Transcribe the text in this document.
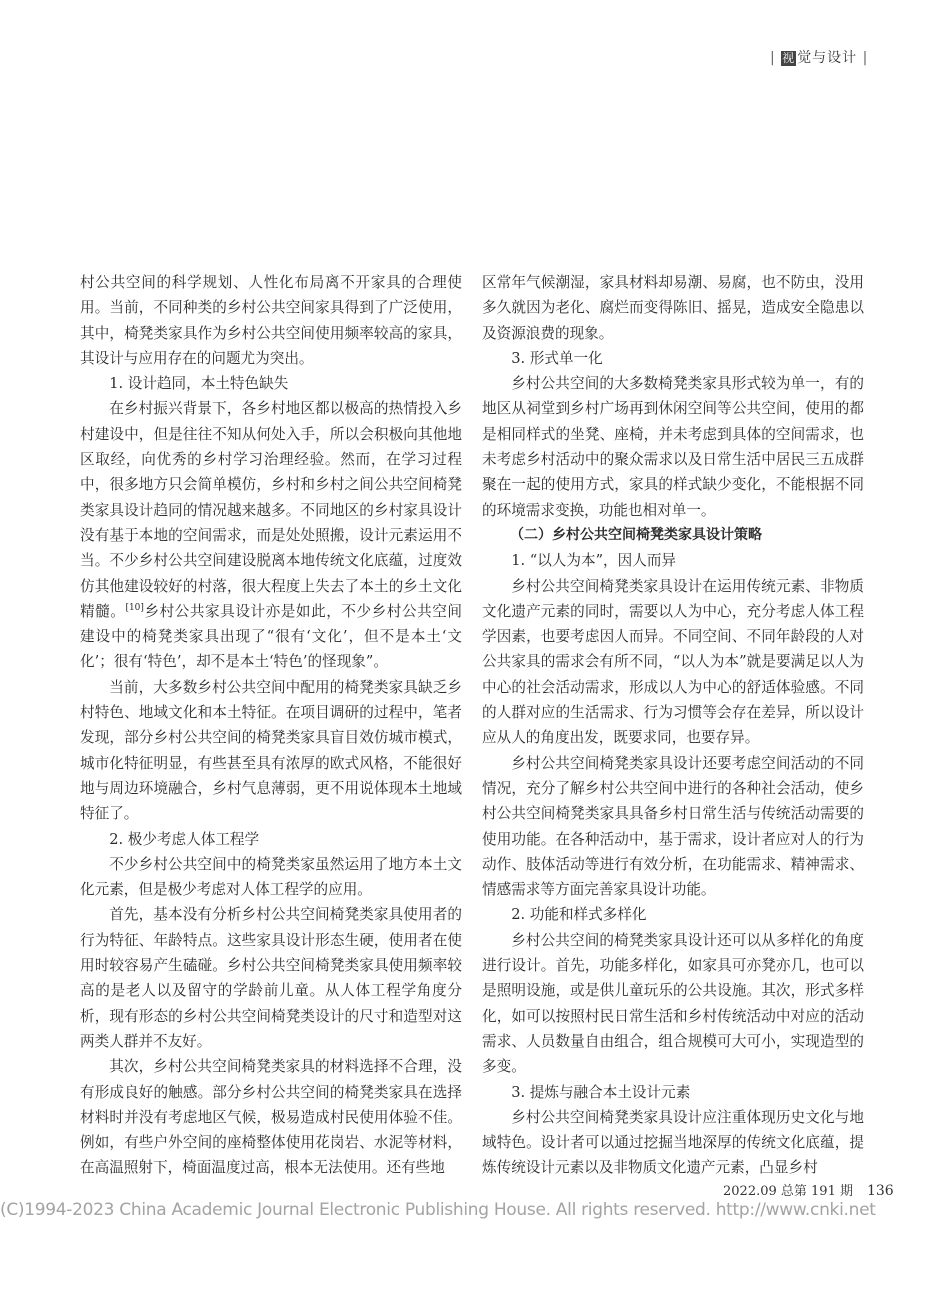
| 视 觉与设计 |

村公共空间的科学规划、人性化布局离不开家具的合理使用。当前，不同种类的乡村公共空间家具得到了广泛使用，其中，椅凳类家具作为乡村公共空间使用频率较高的家具，其设计与应用存在的问题尤为突出。

1. 设计趋同，本土特色缺失

在乡村振兴背景下，各乡村地区都以极高的热情投入乡村建设中，但是往往不知从何处入手，所以会积极向其他地区取经，向优秀的乡村学习治理经验。然而，在学习过程中，很多地方只会简单模仿，乡村和乡村之间公共空间椅凳类家具设计趋同的情况越来越多。不同地区的乡村家具设计没有基于本地的空间需求，而是处处照搬，设计元素运用不当。不少乡村公共空间建设脱离本地传统文化底蕴，过度效仿其他建设较好的村落，很大程度上失去了本土的乡土文化精髓。[10]乡村公共家具设计亦是如此，不少乡村公共空间建设中的椅凳类家具出现了“很有‘文化’，但不是本土‘文化’；很有‘特色’，却不是本土‘特色’的怪现象”。

当前，大多数乡村公共空间中配用的椅凳类家具缺乏乡村特色、地域文化和本土特征。在项目调研的过程中，笔者发现，部分乡村公共空间的椅凳类家具盲目效仿城市模式，城市化特征明显，有些甚至具有浓厚的欧式风格，不能很好地与周边环境融合，乡村气息薄弱，更不用说体现本土地域特征了。

2. 极少考虑人体工程学

不少乡村公共空间中的椅凳类家虽然运用了地方本土文化元素，但是极少考虑对人体工程学的应用。

首先，基本没有分析乡村公共空间椅凳类家具使用者的行为特征、年龄特点。这些家具设计形态生硬，使用者在使用时较容易产生磕碰。乡村公共空间椅凳类家具使用频率较高的是老人以及留守的学龄前儿童。从人体工程学角度分析，现有形态的乡村公共空间椅凳类设计的尺寸和造型对这两类人群并不友好。

其次，乡村公共空间椅凳类家具的材料选择不合理，没有形成良好的触感。部分乡村公共空间的椅凳类家具在选择材料时并没有考虑地区气候，极易造成村民使用体验不佳。例如，有些户外空间的座椅整体使用花岗岩、水泥等材料，在高温照射下，椅面温度过高，根本无法使用。还有些地

区常年气候潮湿，家具材料却易潮、易腐，也不防虫，没用多久就因为老化、腐烂而变得陈旧、摇晃，造成安全隐患以及资源浪费的现象。

3. 形式单一化

乡村公共空间的大多数椅凳类家具形式较为单一，有的地区从祠堂到乡村广场再到休闲空间等公共空间，使用的都是相同样式的坐凳、座椅，并未考虑到具体的空间需求，也未考虑乡村活动中的聚众需求以及日常生活中居民三五成群聚在一起的使用方式，家具的样式缺少变化，不能根据不同的环境需求变换，功能也相对单一。

（二）乡村公共空间椅凳类家具设计策略

1. “以人为本”，因人而异

乡村公共空间椅凳类家具设计在运用传统元素、非物质文化遗产元素的同时，需要以人为中心，充分考虑人体工程学因素，也要考虑因人而异。不同空间、不同年龄段的人对公共家具的需求会有所不同，“以人为本”就是要满足以人为中心的社会活动需求，形成以人为中心的舒适体验感。不同的人群对应的生活需求、行为习惯等会存在差异，所以设计应从人的角度出发，既要求同，也要存异。

乡村公共空间椅凳类家具设计还要考虑空间活动的不同情况，充分了解乡村公共空间中进行的各种社会活动，使乡村公共空间椅凳类家具具备乡村日常生活与传统活动需要的使用功能。在各种活动中，基于需求，设计者应对人的行为动作、肢体活动等进行有效分析，在功能需求、精神需求、情感需求等方面完善家具设计功能。

2. 功能和样式多样化

乡村公共空间的椅凳类家具设计还可以从多样化的角度进行设计。首先，功能多样化，如家具可亦凳亦几，也可以是照明设施，或是供儿童玩乐的公共设施。其次，形式多样化，如可以按照村民日常生活和乡村传统活动中对应的活动需求、人员数量自由组合，组合规模可大可小，实现造型的多变。

3. 提炼与融合本土设计元素

乡村公共空间椅凳类家具设计应注重体现历史文化与地域特色。设计者可以通过挖掘当地深厚的传统文化底蕴，提炼传统设计元素以及非物质文化遗产元素，凸显乡村

2022.09 总第 191 期 136
(C)1994-2023 China Academic Journal Electronic Publishing House. All rights reserved. http://www.cnki.net
